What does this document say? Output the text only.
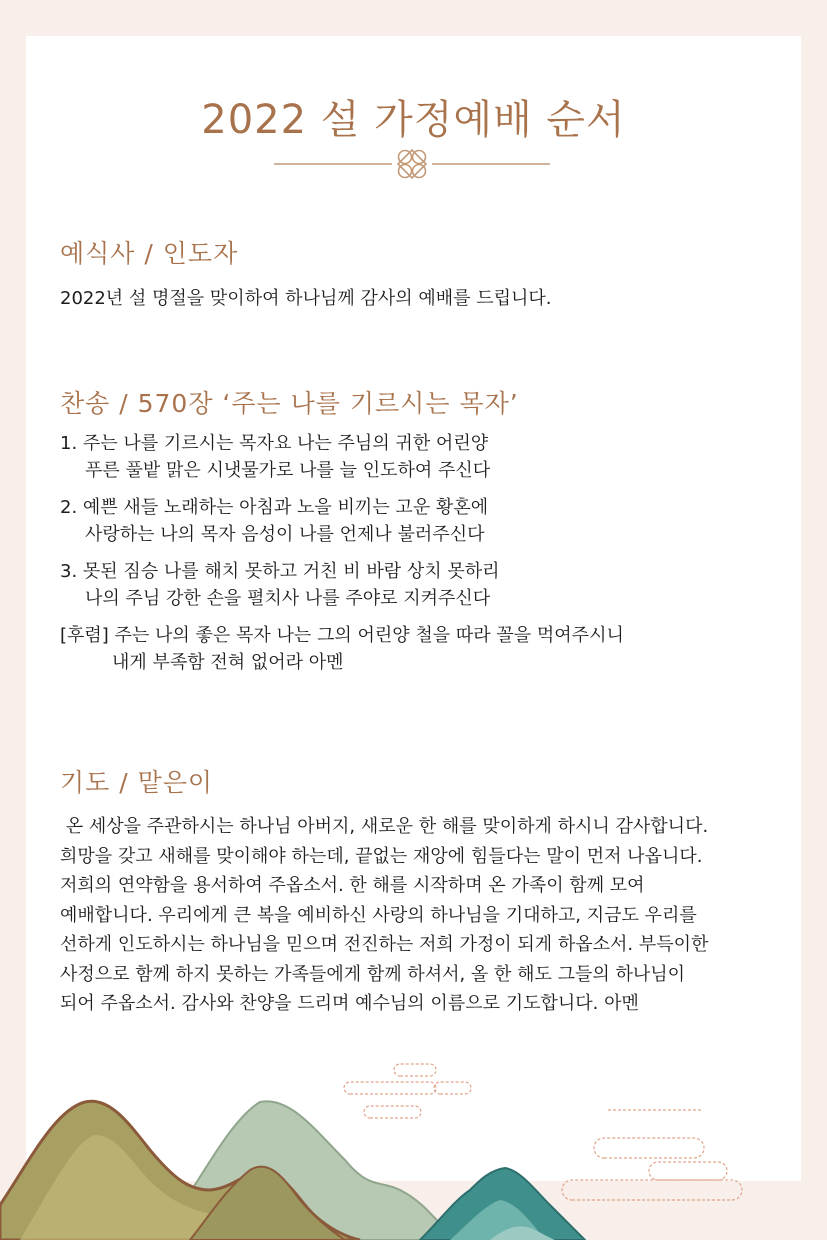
2022 설 가정예배 순서
예식사 / 인도자
2022년 설 명절을 맞이하여 하나님께 감사의 예배를 드립니다.
찬송 / 570장 ‘주는 나를 기르시는 목자’
1. 주는 나를 기르시는 목자요 나는 주님의 귀한 어린양
푸른 풀밭 맑은 시냇물가로 나를 늘 인도하여 주신다
2. 예쁜 새들 노래하는 아침과 노을 비끼는 고운 황혼에
사랑하는 나의 목자 음성이 나를 언제나 불러주신다
3. 못된 짐승 나를 해치 못하고 거친 비 바람 상치 못하리
나의 주님 강한 손을 펼치사 나를 주야로 지켜주신다
[후렴] 주는 나의 좋은 목자 나는 그의 어린양 철을 따라 꼴을 먹여주시니
내게 부족함 전혀 없어라 아멘
기도 / 맡은이
온 세상을 주관하시는 하나님 아버지, 새로운 한 해를 맞이하게 하시니 감사합니다.
희망을 갖고 새해를 맞이해야 하는데, 끝없는 재앙에 힘들다는 말이 먼저 나옵니다.
저희의 연약함을 용서하여 주옵소서. 한 해를 시작하며 온 가족이 함께 모여
예배합니다. 우리에게 큰 복을 예비하신 사랑의 하나님을 기대하고, 지금도 우리를
선하게 인도하시는 하나님을 믿으며 전진하는 저희 가정이 되게 하옵소서. 부득이한
사정으로 함께 하지 못하는 가족들에게 함께 하셔서, 올 한 해도 그들의 하나님이
되어 주옵소서. 감사와 찬양을 드리며 예수님의 이름으로 기도합니다. 아멘
